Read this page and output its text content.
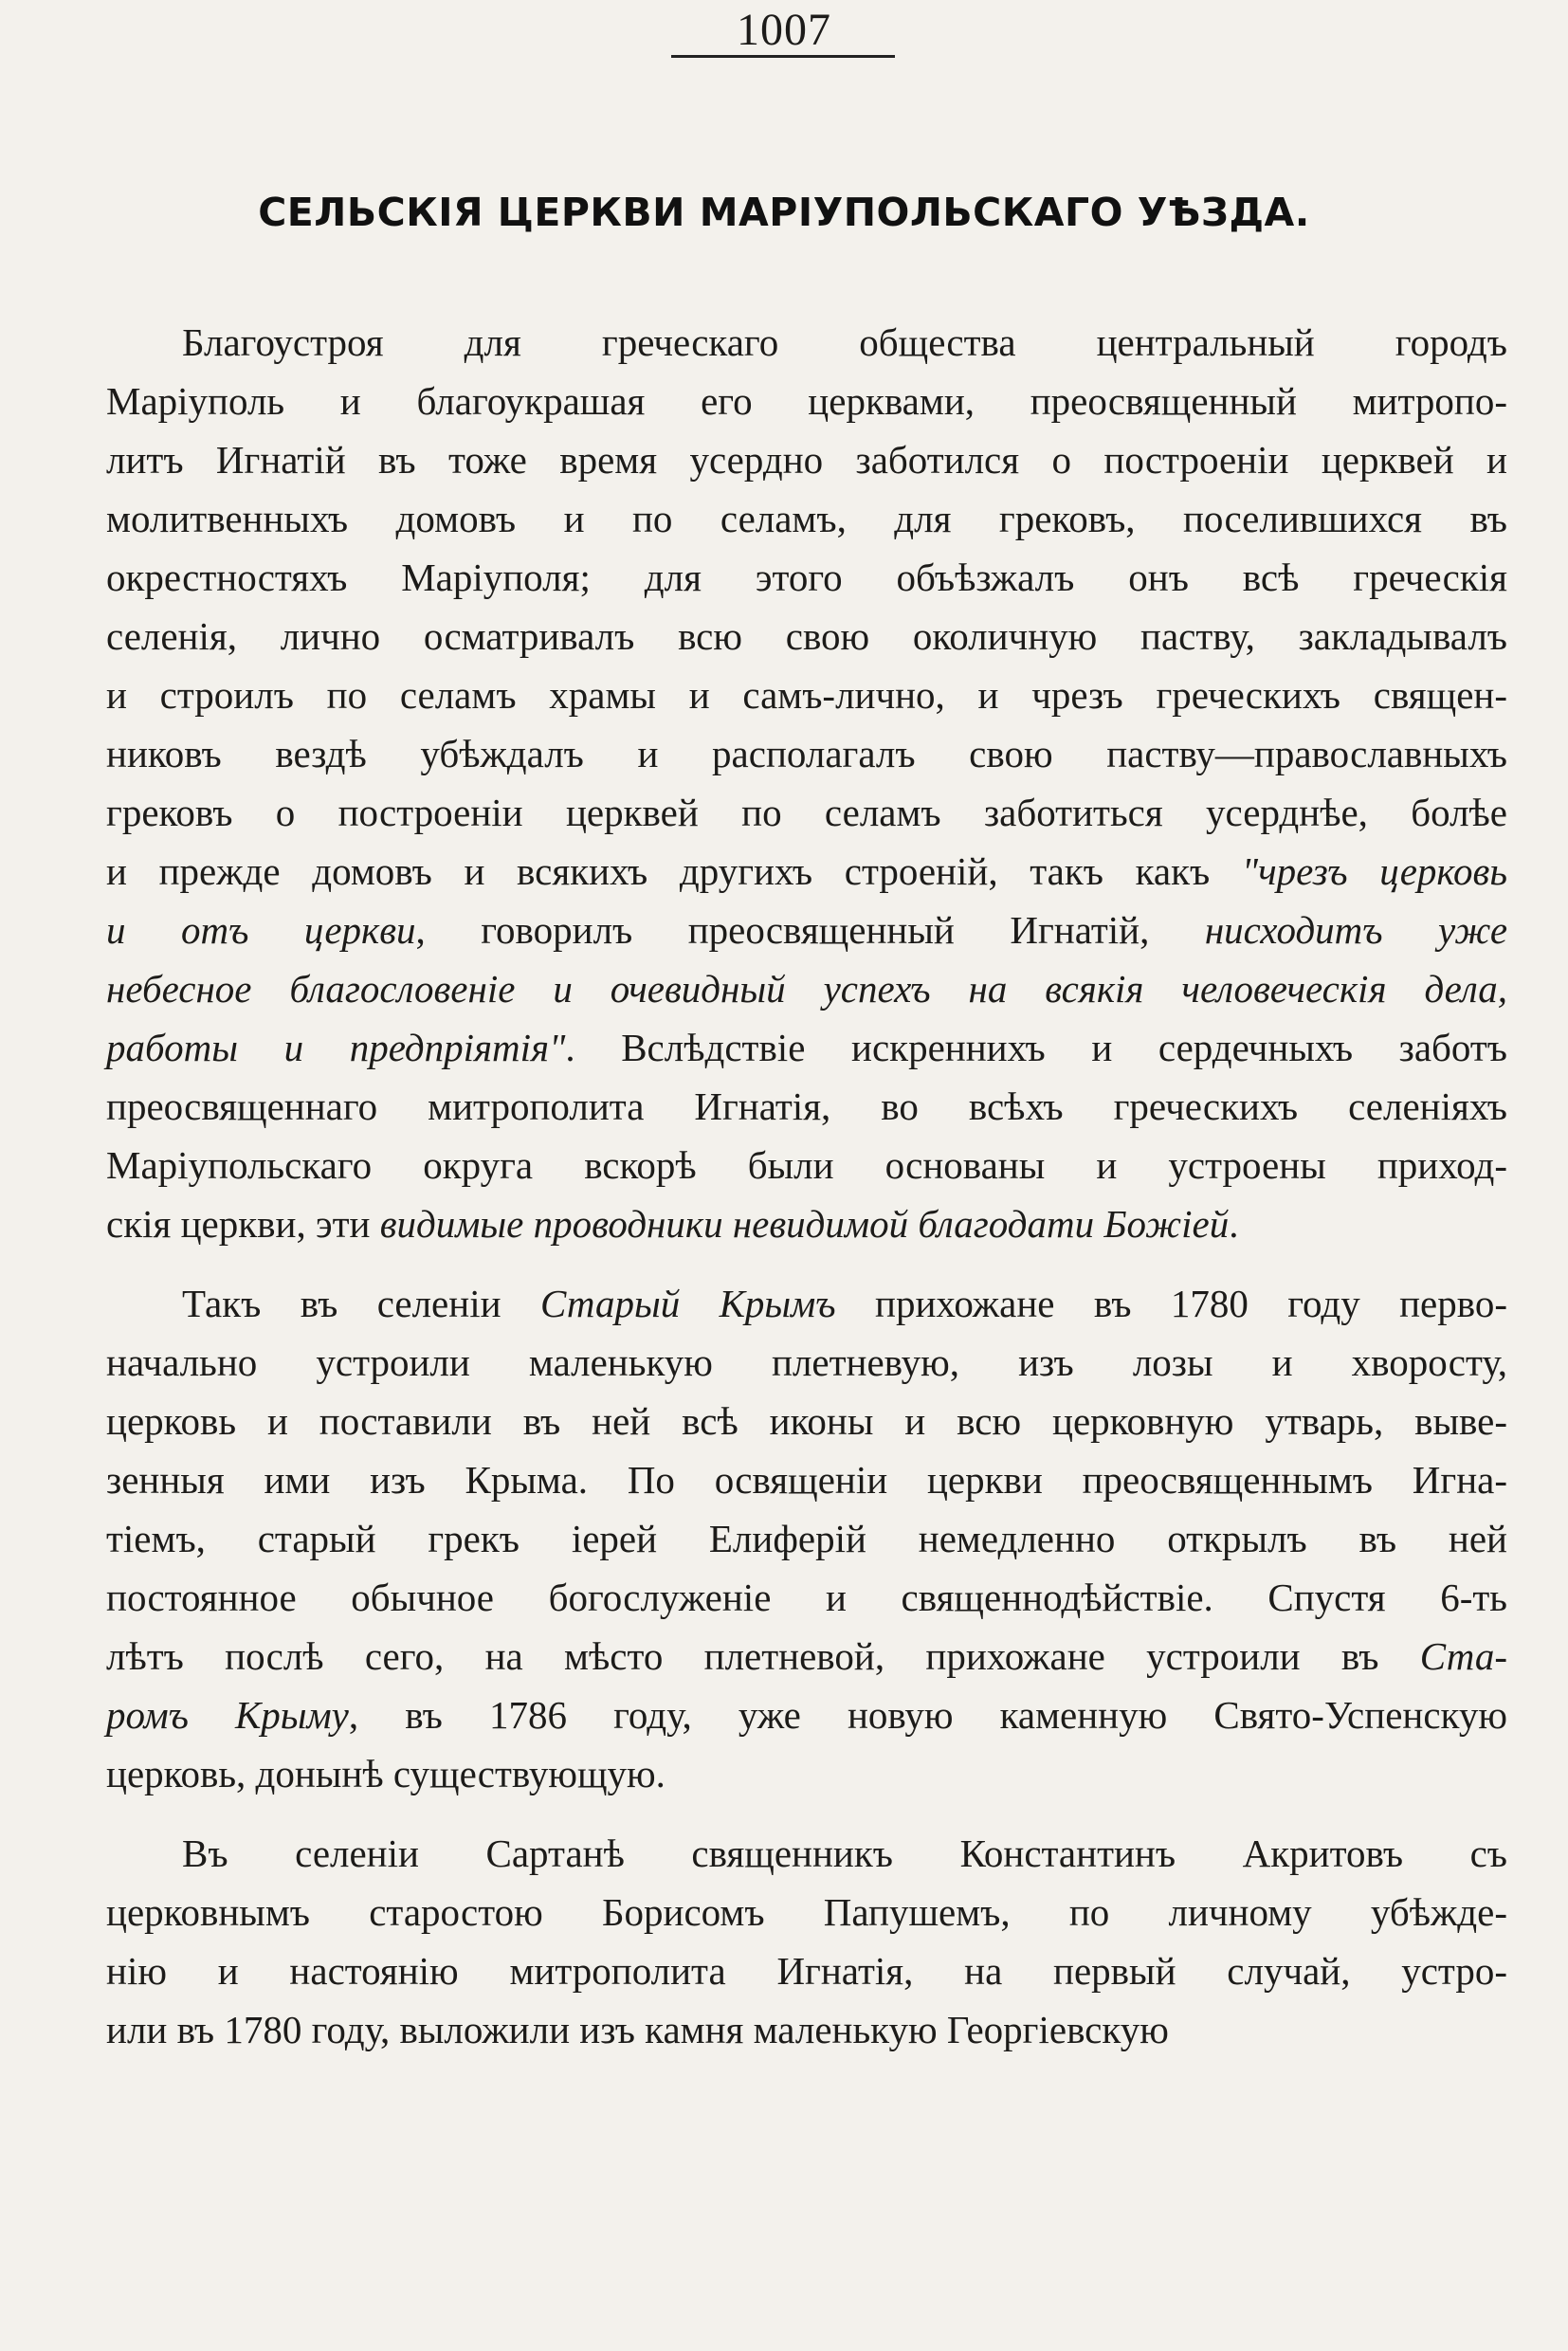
1007
СЕЛЬСКІЯ ЦЕРКВИ МАРІУПОЛЬСКАГО УѢЗДА.
Благоустроя для греческаго общества центральный городъ
Маріуполь и благоукрашая его церквами, преосвященный митропо-
литъ Игнатій въ тоже время усердно заботился о построеніи церквей и
молитвенныхъ домовъ и по селамъ, для грековъ, поселившихся въ
окрестностяхъ Маріуполя; для этого объѣзжалъ онъ всѣ греческія
селенія, лично осматривалъ всю свою околичную паству, закладывалъ
и строилъ по селамъ храмы и самъ-лично, и чрезъ греческихъ священ-
никовъ вездѣ убѣждалъ и располагалъ свою паству—православныхъ
грековъ о построеніи церквей по селамъ заботиться усерднѣе, болѣе
и прежде домовъ и всякихъ другихъ строеній, такъ какъ "чрезъ церковь
и отъ церкви, говорилъ преосвященный Игнатій, нисходитъ уже
небесное благословеніе и очевидный успехъ на всякія человеческія дела,
работы и предпріятія". Вслѣдствіе искреннихъ и сердечныхъ заботъ
преосвященнаго митрополита Игнатія, во всѣхъ греческихъ селеніяхъ
Маріупольскаго округа вскорѣ были основаны и устроены приход-
скія церкви, эти видимые проводники невидимой благодати Божіей.
Такъ въ селеніи Старый Крымъ прихожане въ 1780 году перво-
начально устроили маленькую плетневую, изъ лозы и хворосту,
церковь и поставили въ ней всѣ иконы и всю церковную утварь, выве-
зенныя ими изъ Крыма. По освященіи церкви преосвященнымъ Игна-
тіемъ, старый грекъ іерей Елиферій немедленно открылъ въ ней
постоянное обычное богослуженіе и священнодѣйствіе. Спустя 6-ть
лѣтъ послѣ сего, на мѣсто плетневой, прихожане устроили въ Ста-
ромъ Крыму, въ 1786 году, уже новую каменную Свято-Успенскую
церковь, донынѣ существующую.
Въ селеніи Сартанѣ священникъ Константинъ Акритовъ съ
церковнымъ старостою Борисомъ Папушемъ, по личному убѣжде-
нію и настоянію митрополита Игнатія, на первый случай, устро-
или въ 1780 году, выложили изъ камня маленькую Георгіевскую
